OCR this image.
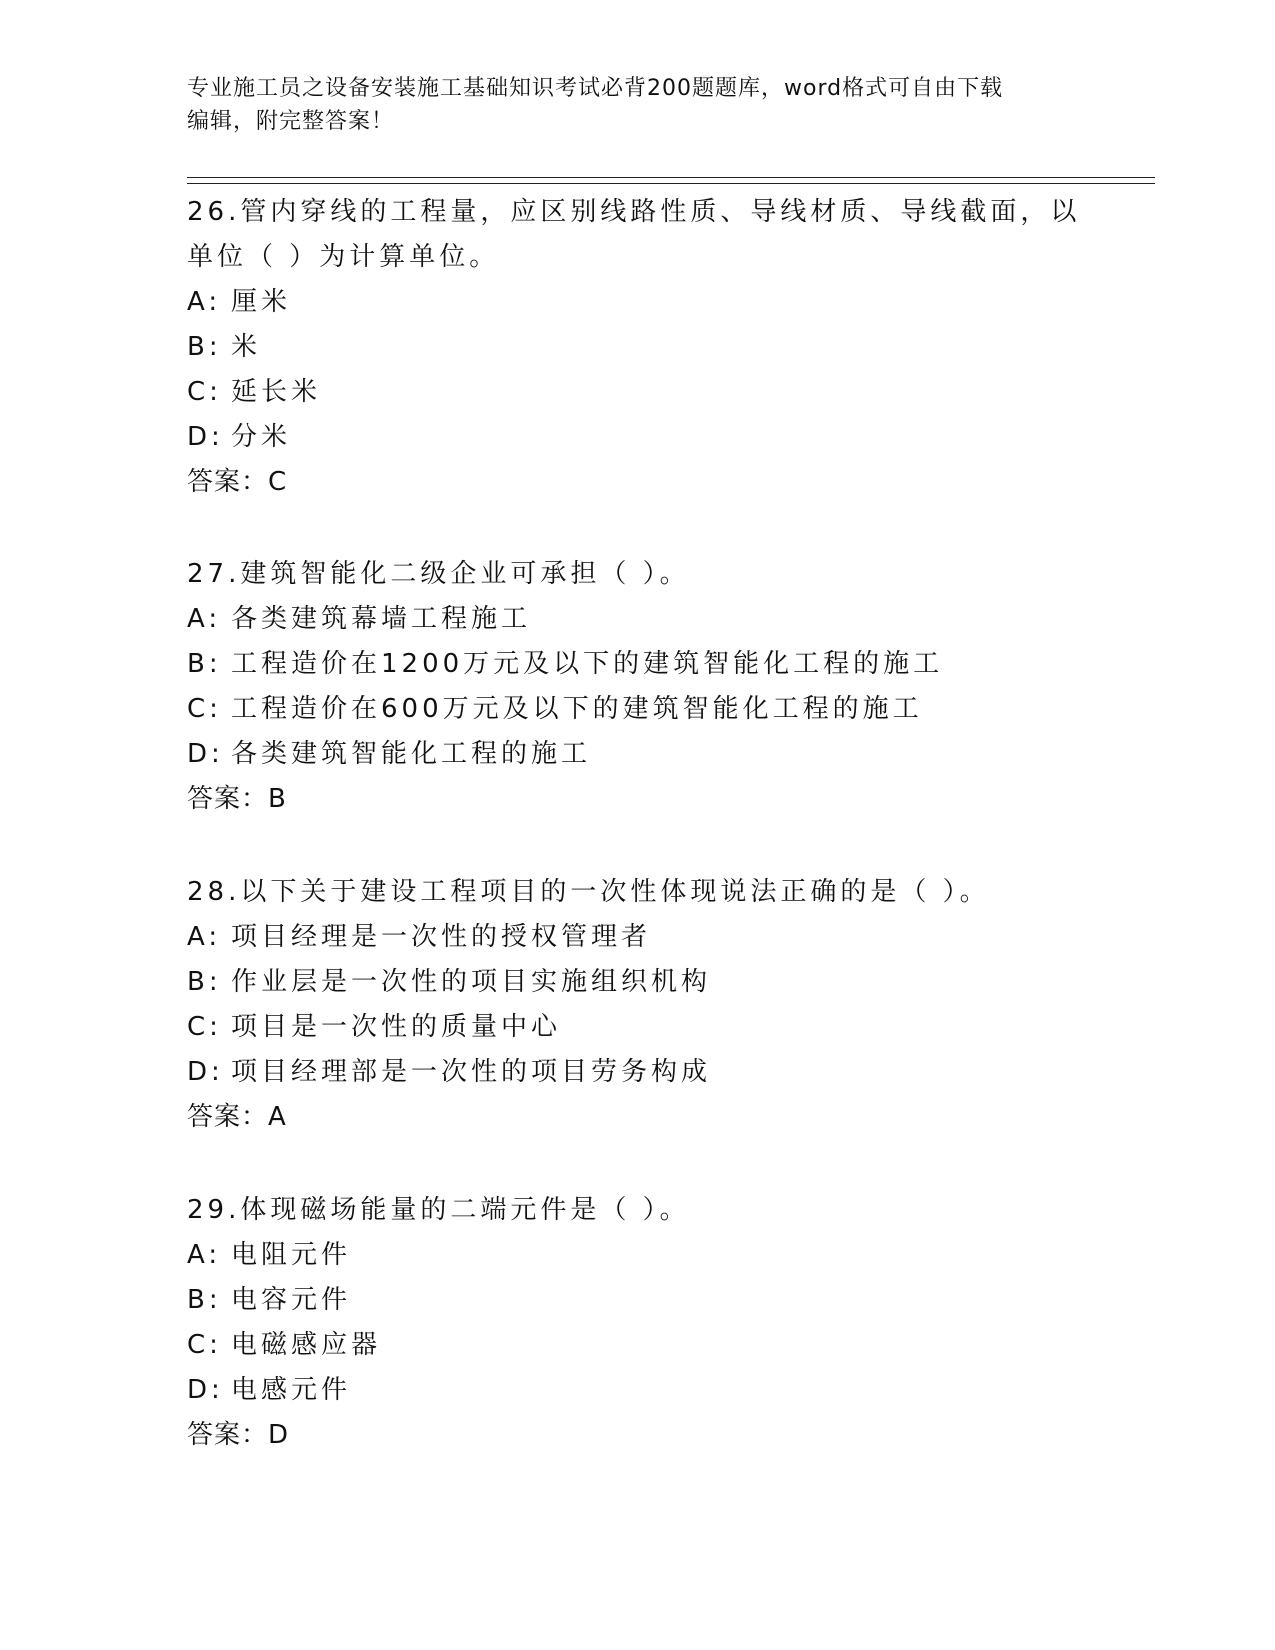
专业施工员之设备安装施工基础知识考试必背200题题库，word格式可自由下载
编辑，附完整答案！

26.管内穿线的工程量，应区别线路性质、导线材质、导线截面，以单位（ ）为计算单位。

A: 厘米

B: 米

C: 延长米

D: 分米

答案：C

27.建筑智能化二级企业可承担（ ）。

A: 各类建筑幕墙工程施工

B: 工程造价在1200万元及以下的建筑智能化工程的施工

C: 工程造价在600万元及以下的建筑智能化工程的施工

D: 各类建筑智能化工程的施工

答案：B

28.以下关于建设工程项目的一次性体现说法正确的是（ ）。

A: 项目经理是一次性的授权管理者

B: 作业层是一次性的项目实施组织机构

C: 项目是一次性的质量中心

D: 项目经理部是一次性的项目劳务构成

答案：A

29.体现磁场能量的二端元件是（ ）。

A: 电阻元件

B: 电容元件

C: 电磁感应器

D: 电感元件

答案：D
